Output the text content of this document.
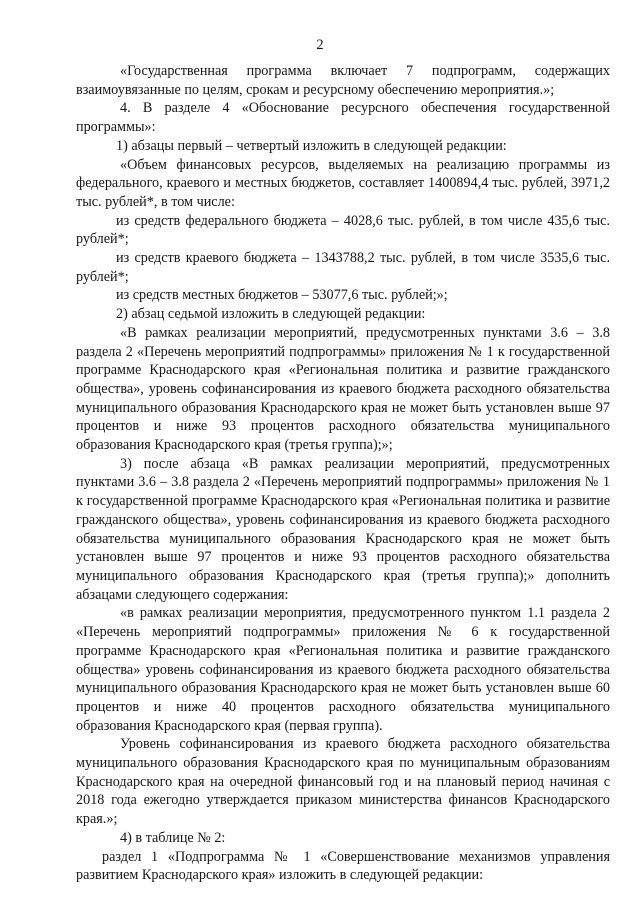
2

«Государственная программа включает 7 подпрограмм, содержащих взаимоувязанные по целям, срокам и ресурсному обеспечению мероприятия.»;

4. В разделе 4 «Обоснование ресурсного обеспечения государственной программы»:

1) абзацы первый – четвертый изложить в следующей редакции:

«Объем финансовых ресурсов, выделяемых на реализацию программы из федерального, краевого и местных бюджетов, составляет 1400894,4 тыс. рублей, 3971,2 тыс. рублей*, в том числе:

из средств федерального бюджета – 4028,6 тыс. рублей, в том числе 435,6 тыс. рублей*;

из средств краевого бюджета – 1343788,2 тыс. рублей, в том числе 3535,6 тыс. рублей*;

из средств местных бюджетов – 53077,6 тыс. рублей;»;

2) абзац седьмой изложить в следующей редакции:

«В рамках реализации мероприятий, предусмотренных пунктами 3.6 – 3.8 раздела 2 «Перечень мероприятий подпрограммы» приложения № 1 к государственной программе Краснодарского края «Региональная политика и развитие гражданского общества», уровень софинансирования из краевого бюджета расходного обязательства муниципального образования Краснодарского края не может быть установлен выше 97 процентов и ниже 93 процентов расходного обязательства муниципального образования Краснодарского края (третья группа);»;

3) после абзаца «В рамках реализации мероприятий, предусмотренных пунктами 3.6 – 3.8 раздела 2 «Перечень мероприятий подпрограммы» приложения № 1 к государственной программе Краснодарского края «Региональная политика и развитие гражданского общества», уровень софинансирования из краевого бюджета расходного обязательства муниципального образования Краснодарского края не может быть установлен выше 97 процентов и ниже 93 процентов расходного обязательства муниципального образования Краснодарского края (третья группа);» дополнить абзацами следующего содержания:

«в рамках реализации мероприятия, предусмотренного пунктом 1.1 раздела 2 «Перечень мероприятий подпрограммы» приложения № 6 к государственной программе Краснодарского края «Региональная политика и развитие гражданского общества» уровень софинансирования из краевого бюджета расходного обязательства муниципального образования Краснодарского края не может быть установлен выше 60 процентов и ниже 40 процентов расходного обязательства муниципального образования Краснодарского края (первая группа).

Уровень софинансирования из краевого бюджета расходного обязательства муниципального образования Краснодарского края по муниципальным образованиям Краснодарского края на очередной финансовый год и на плановый период начиная с 2018 года ежегодно утверждается приказом министерства финансов Краснодарского края.»;

4) в таблице № 2:

раздел 1 «Подпрограмма № 1 «Совершенствование механизмов управления развитием Краснодарского края» изложить в следующей редакции:
